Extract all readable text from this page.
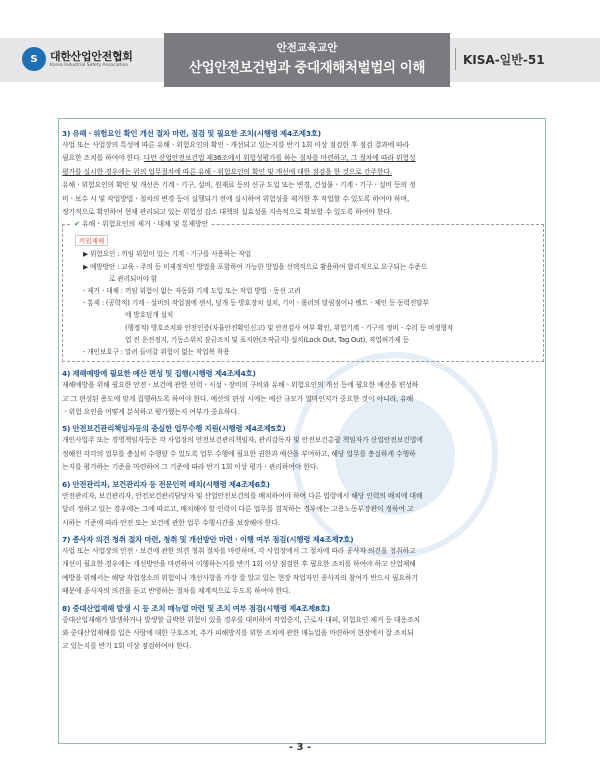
S 대한산업안전협회
Korea Industrial Safety Association
안전교육교안
산업안전보건법과 중대재해처벌법의 이해	KISA-일반-51
3) 유해ㆍ위험요인 확인 개선 절차 마련, 점검 및 필요한 조치(시행령 제4조제3호)
사업 또는 사업장의 특성에 따른 유해ㆍ위험요인의 확인ㆍ개선되고 있는지를 반기 1회 이상 점검한 후 점검 결과에 따라
필요한 조치를 하여야 한다. 다만 산업안전보건법 제36조에서 위험성평가를 하는 절차를 마련하고, 그 절차에 따라 위험성
평가를 실시한 경우에는 위의 업무절차에 따른 유해ㆍ위험요인의 확인 및 개선에 대한 점검을 한 것으로 간주한다.
유해ㆍ위험요인의 확인 및 개선은 기계ㆍ기구, 설비, 원재료 등의 신규 도입 또는 변경, 건설물ㆍ기계ㆍ기구ㆍ설비 등의 정
비ㆍ보수 시 및 작업방법ㆍ절차의 변경 등이 실행되기 전에 실시하여 위험성을 제거한 후 작업할 수 있도록 하여야 하며,
정기적으로 확인하여 현재 관리되고 있는 위험성 감소 대책의 실효성을 지속적으로 확보할 수 있도록 하여야 한다.
✔ 유해ㆍ위험요인의 제거ㆍ대체 및 통제방안
끼임재해
▶ 위험요인 : 끼임 위험이 있는 기계ㆍ기구를 사용하는 작업
▶ 예방방안 : 교육ㆍ주의 등 비재정적인 방법을 포함하여 가능한 방법을 선택적으로 활용하여 합리적으로 요구되는 수준으
로 관리되어야 함
- 제거ㆍ대체 : 끼임 위험이 없는 자동화 기계 도입 또는 작업 방법ㆍ동선 고려
- 통제 : (공학적) 기계ㆍ설비의 작업점에 센서, 덮개 등 방호장치 설치, 기어ㆍ롤러의 말림점이나 벨트ㆍ체인 등 동력전달부
에 방호덮개 설치
(행정적) 방호조치와 안전인증(자율안전확인신고) 및 안전검사 여부 확인, 위험기계ㆍ기구의 정비ㆍ수리 등 비정형작
업 전 운전정지, 기동스위치 잠금조치 및 표지판(조작금지) 설치(Lock Out, Tag Out), 작업허가제 등
- 개인보호구 : 말려 들어갈 위험이 없는 작업복 착용
4) 재해예방에 필요한 예산 편성 및 집행(시행령 제4조제4호)
재해예방을 위해 필요한 안전ㆍ보건에 관한 인력ㆍ시설ㆍ장비의 구비와 유해ㆍ위험요인의 개선 등에 필요한 예산을 편성하
고 그 편성된 용도에 맞게 집행하도록 하여야 한다. 예산의 편성 시에는 예산 규모가 얼마인지가 중요한 것이 아니라, 유해
ㆍ위험 요인을 어떻게 분석하고 평가했는지 여부가 중요하다.
5) 안전보건관리책임자등의 충실한 업무수행 지원(시행령 제4조제5호)
개인사업주 또는 경영책임자등은 각 사업장의 안전보건관리책임자, 관리감독자 및 안전보건총괄 책임자가 산업안전보건법에
정해진 각각의 업무를 충실히 수행할 수 있도록 업무 수행에 필요한 권한과 예산을 부여하고, 해당 업무를 충실하게 수행하
는지를 평가하는 기준을 마련하여 그 기준에 따라 반기 1회 이상 평가ㆍ관리하여야 한다.
6) 안전관리자, 보건관리자 등 전문인력 배치(시행령 제4조제6호)
안전관리자, 보건관리자, 안전보건관리담당자 및 산업안전보건의를 배치하여야 하며 다른 법령에서 해당 인력의 배치에 대해
달리 정하고 있는 경우에는 그에 따르고, 배치해야 할 인력이 다른 업무를 겸직하는 경우에는 고용노동부장관이 정하여 고
시하는 기준에 따라 안전 또는 보건에 관한 업무 수행시간을 보장해야 한다.
7) 종사자 의견 청취 절차 마련, 청취 및 개선방안 마련ㆍ이행 여부 점검(시행령 제4조제7호)
사업 또는 사업장의 안전ㆍ보건에 관한 의견 청취 절차를 마련하며, 각 사업장에서 그 절차에 따라 종사자 의견을 청취하고
개선이 필요한 경우에는 개선방안을 마련하여 이행하는지를 반기 1회 이상 점검한 후 필요한 조치를 하여야 하고 산업재해
예방을 위해서는 해당 작업장소의 위험이나 개선사항을 가장 잘 알고 있는 현장 작업자인 종사자의 참여가 반드시 필요하기
때문에 종사자의 의견을 듣고 반영하는 절차를 체계적으로 두도록 하여야 한다.
8) 중대산업재해 발생 시 등 조치 매뉴얼 마련 및 조치 여부 점검(시행령 제4조제8호)
중대산업재해가 발생하거나 발생할 급박한 위험이 있을 경우를 대비하여 작업중지, 근로자 대피, 위험요인 제거 등 대응조치
와 중대산업재해를 입은 사람에 대한 구호조치, 추가 피해방지를 위한 조치에 관한 매뉴얼을 마련하여 현장에서 잘 조치되
고 있는지를 반기 1회 이상 점검하여야 한다.
- 3 -
